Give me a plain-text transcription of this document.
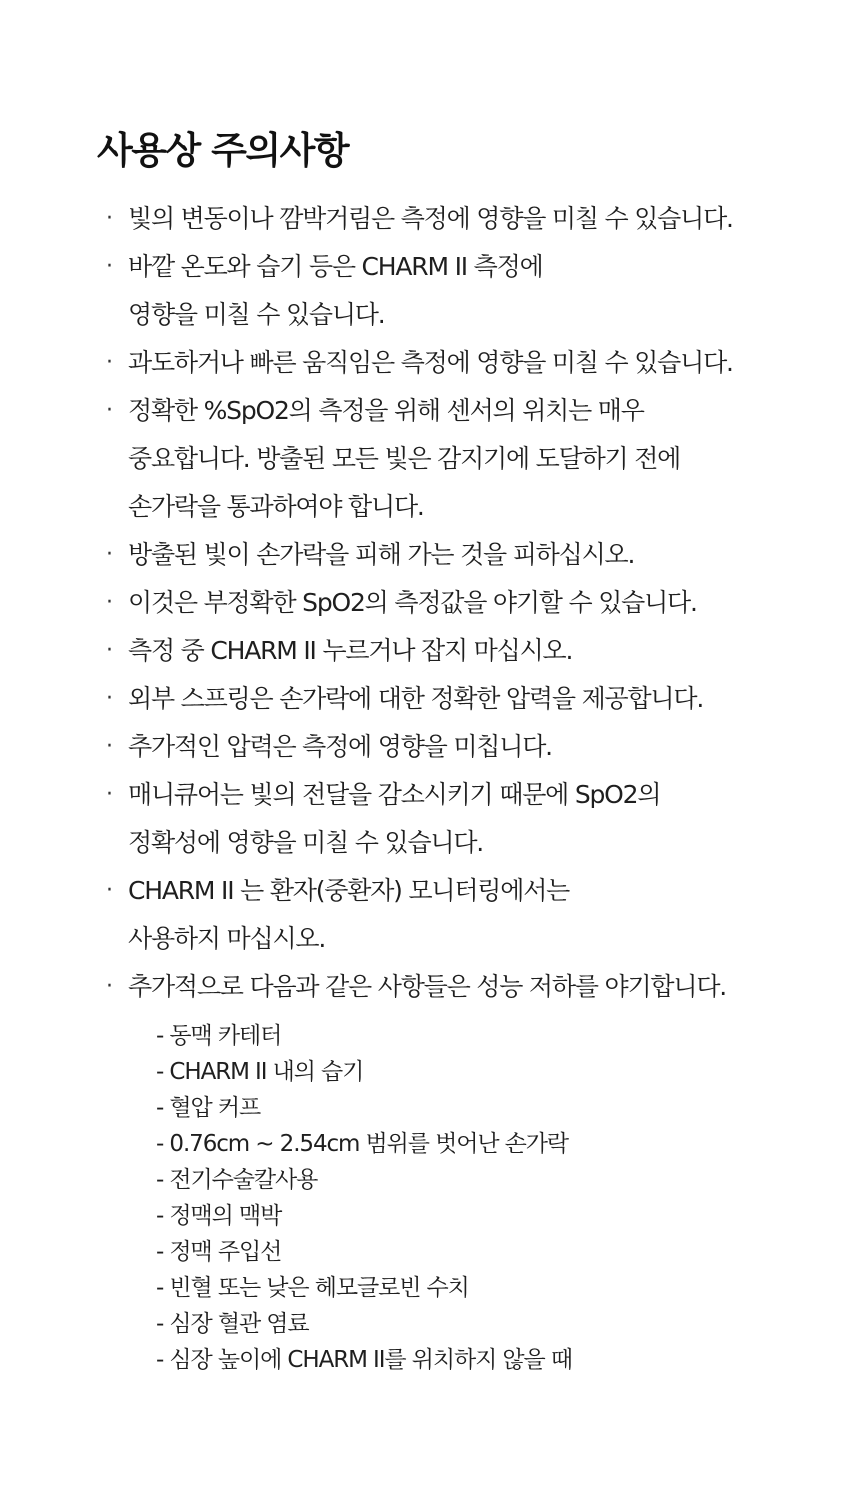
사용상 주의사항
· 빛의 변동이나 깜박거림은 측정에 영향을 미칠 수 있습니다.
· 바깥 온도와 습기 등은 CHARM II 측정에
영향을 미칠 수 있습니다.
· 과도하거나 빠른 움직임은 측정에 영향을 미칠 수 있습니다.
· 정확한 %SpO2의 측정을 위해 센서의 위치는 매우
중요합니다. 방출된 모든 빛은 감지기에 도달하기 전에
손가락을 통과하여야 합니다.
· 방출된 빛이 손가락을 피해 가는 것을 피하십시오.
· 이것은 부정확한 SpO2의 측정값을 야기할 수 있습니다.
· 측정 중 CHARM II 누르거나 잡지 마십시오.
· 외부 스프링은 손가락에 대한 정확한 압력을 제공합니다.
· 추가적인 압력은 측정에 영향을 미칩니다.
· 매니큐어는 빛의 전달을 감소시키기 때문에 SpO2의
정확성에 영향을 미칠 수 있습니다.
· CHARM II 는 환자(중환자) 모니터링에서는
사용하지 마십시오.
· 추가적으로 다음과 같은 사항들은 성능 저하를 야기합니다.
- 동맥 카테터
- CHARM II 내의 습기
- 혈압 커프
- 0.76cm ~ 2.54cm 범위를 벗어난 손가락
- 전기수술칼사용
- 정맥의 맥박
- 정맥 주입선
- 빈혈 또는 낮은 헤모글로빈 수치
- 심장 혈관 염료
- 심장 높이에 CHARM II를 위치하지 않을 때
